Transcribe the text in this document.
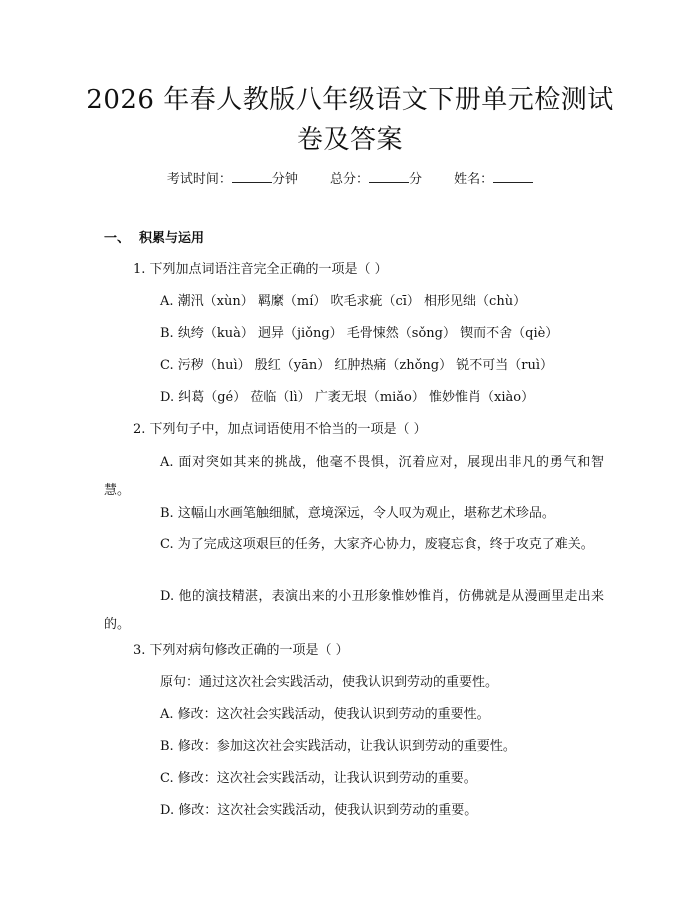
2026 年春人教版八年级语文下册单元检测试
卷及答案
考试时间：	分钟 总分：	分 姓名：
一、 积累与运用
1. 下列加点词语注音完全正确的一项是（ ）
A. 潮汛（xùn） 羁縻（mí） 吹毛求疵（cī） 相形见绌（chù）
B. 纨绔（kuà） 迥异（jiǒng） 毛骨悚然（sǒng） 锲而不舍（qiè）
C. 污秽（huì） 殷红（yān） 红肿热痛（zhǒng） 锐不可当（ruì）
D. 纠葛（gé） 莅临（lì） 广袤无垠（miǎo） 惟妙惟肖（xiào）
2. 下列句子中，加点词语使用不恰当的一项是（ ）
A. 面对突如其来的挑战，他毫不畏惧，沉着应对，展现出非凡的勇气和智慧。
B. 这幅山水画笔触细腻，意境深远，令人叹为观止，堪称艺术珍品。
C. 为了完成这项艰巨的任务，大家齐心协力，废寝忘食，终于攻克了难关。
D. 他的演技精湛，表演出来的小丑形象惟妙惟肖，仿佛就是从漫画里走出来的。
3. 下列对病句修改正确的一项是（ ）
原句：通过这次社会实践活动，使我认识到劳动的重要性。
A. 修改：这次社会实践活动，使我认识到劳动的重要性。
B. 修改：参加这次社会实践活动，让我认识到劳动的重要性。
C. 修改：这次社会实践活动，让我认识到劳动的重要。
D. 修改：这次社会实践活动，使我认识到劳动的重要。
